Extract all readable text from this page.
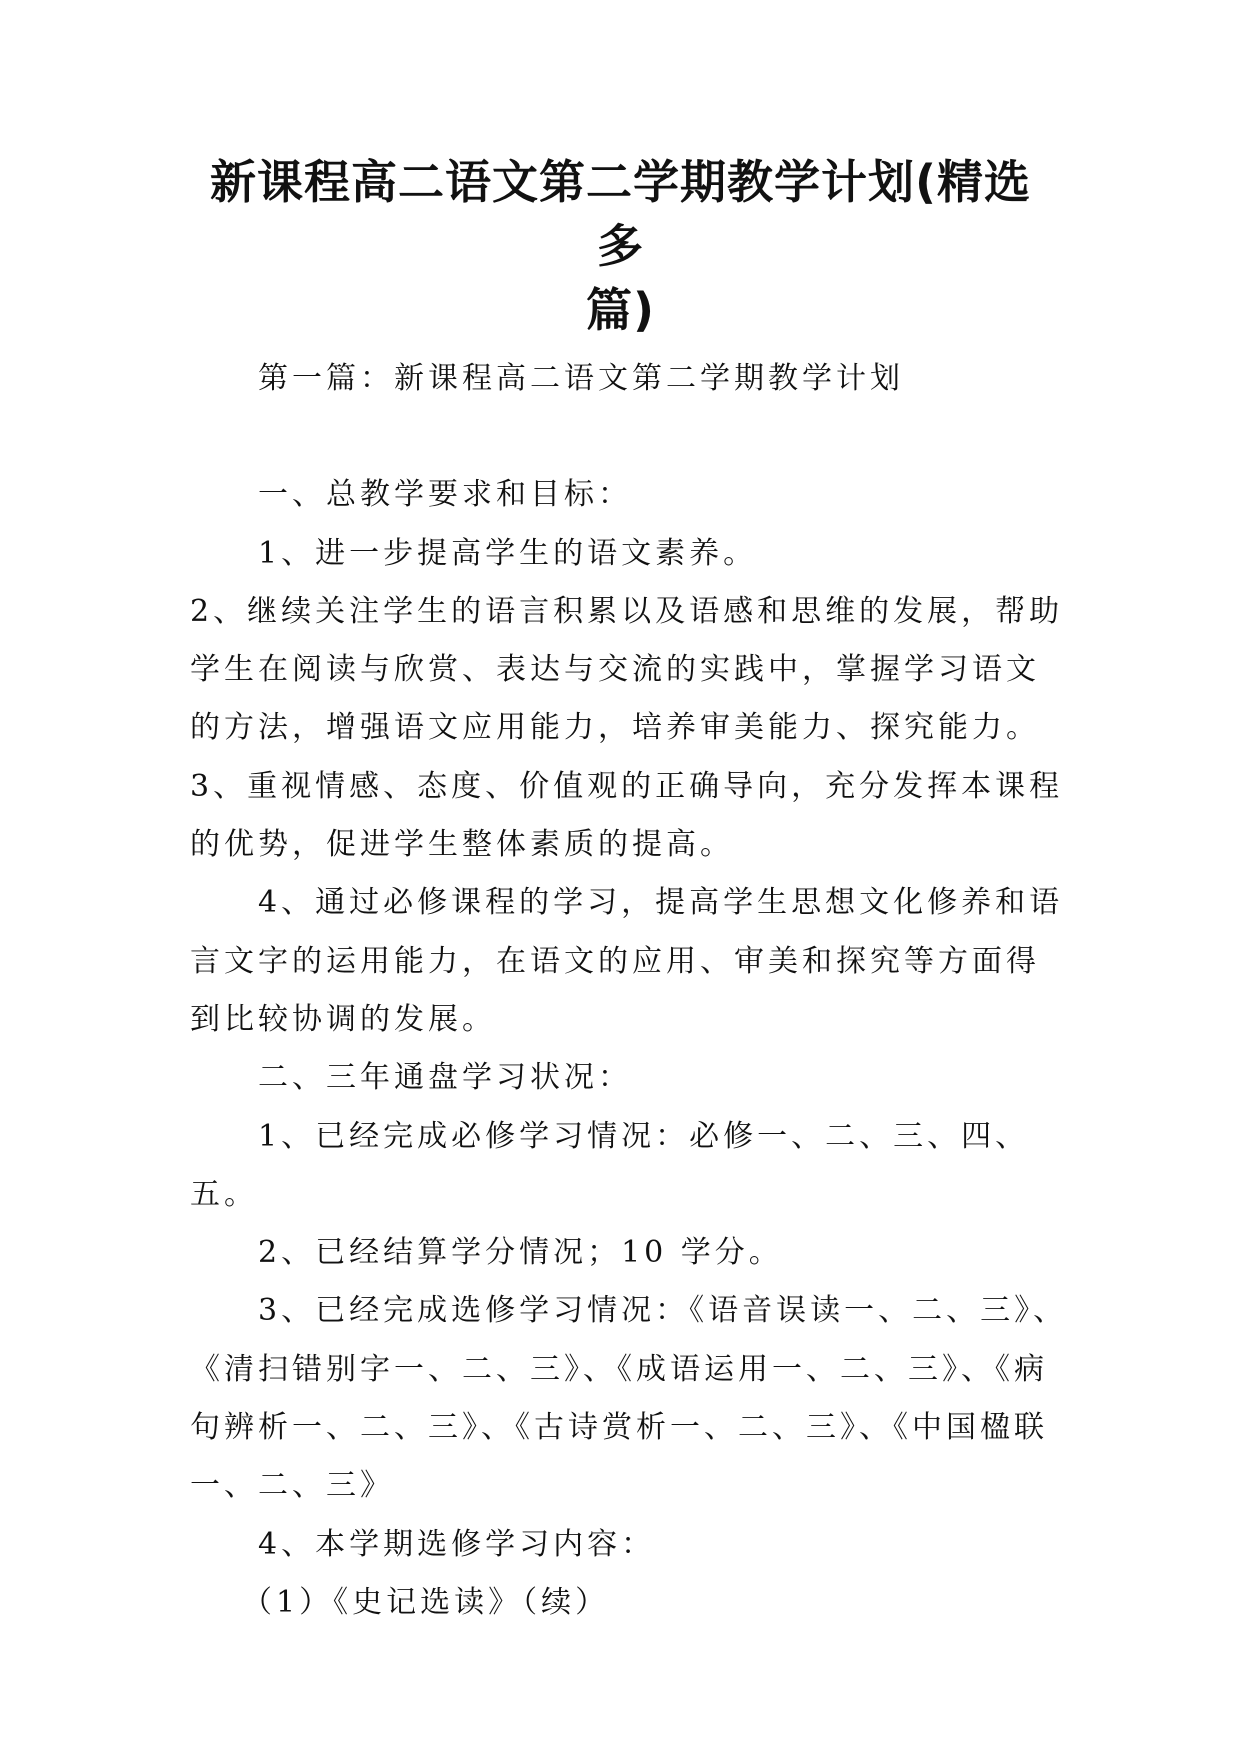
新课程高二语文第二学期教学计划(精选多
篇)

第一篇：新课程高二语文第二学期教学计划

一、总教学要求和目标：

1、进一步提高学生的语文素养。

2、继续关注学生的语言积累以及语感和思维的发展，帮助学生在阅读与欣赏、表达与交流的实践中，掌握学习语文的方法，增强语文应用能力，培养审美能力、探究能力。

3、重视情感、态度、价值观的正确导向，充分发挥本课程的优势，促进学生整体素质的提高。

4、通过必修课程的学习，提高学生思想文化修养和语言文字的运用能力，在语文的应用、审美和探究等方面得到比较协调的发展。

二、三年通盘学习状况：

1、已经完成必修学习情况：必修一、二、三、四、五。

2、已经结算学分情况；10 学分。

3、已经完成选修学习情况：《语音误读一、二、三》、《清扫错别字一、二、三》、《成语运用一、二、三》、《病句辨析一、二、三》、《古诗赏析一、二、三》、《中国楹联一、二、三》

4、本学期选修学习内容：

（1）《史记选读》（续）
